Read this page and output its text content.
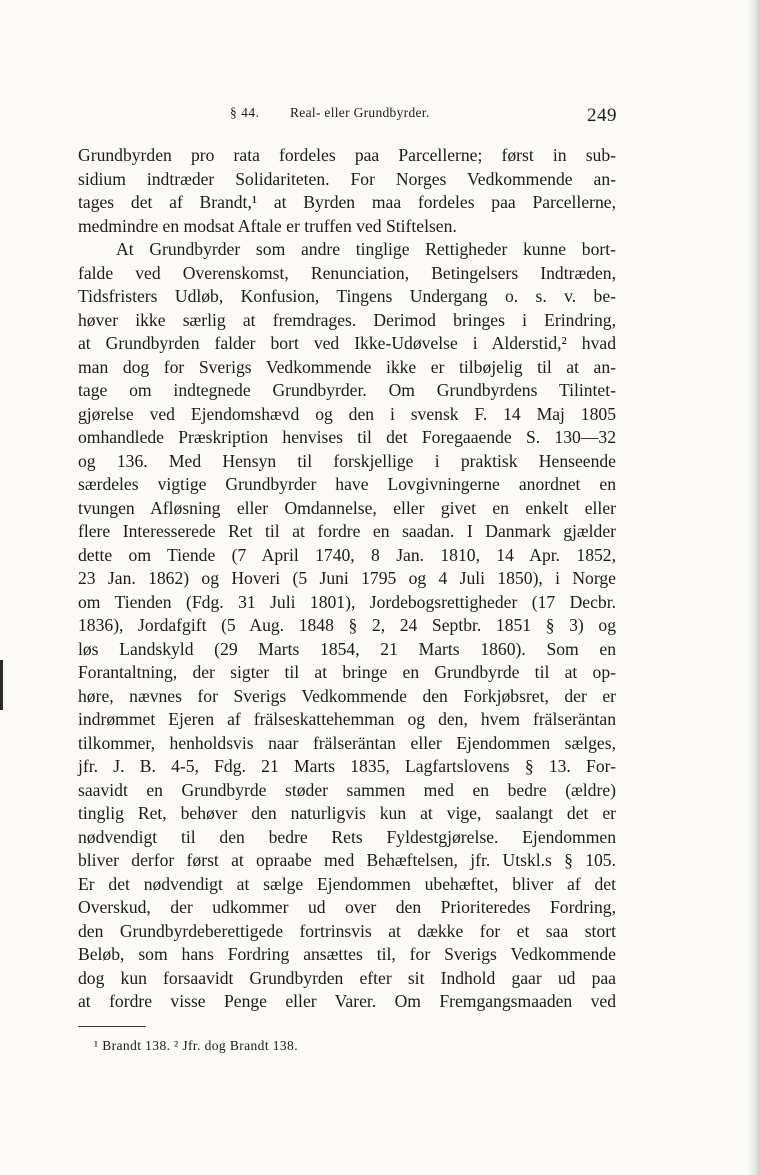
§ 44. Real- eller Grundbyrder.	249
Grundbyrden pro rata fordeles paa Parcellerne; først in sub-
sidium indtræder Solidariteten. For Norges Vedkommende an-
tages det af Brandt,¹ at Byrden maa fordeles paa Parcellerne,
medmindre en modsat Aftale er truffen ved Stiftelsen.
At Grundbyrder som andre tinglige Rettigheder kunne bort-
falde ved Overenskomst, Renunciation, Betingelsers Indtræden,
Tidsfristers Udløb, Konfusion, Tingens Undergang o. s. v. be-
høver ikke særlig at fremdrages. Derimod bringes i Erindring,
at Grundbyrden falder bort ved Ikke-Udøvelse i Alderstid,² hvad
man dog for Sverigs Vedkommende ikke er tilbøjelig til at an-
tage om indtegnede Grundbyrder. Om Grundbyrdens Tilintet-
gjørelse ved Ejendomshævd og den i svensk F. 14 Maj 1805
omhandlede Præskription henvises til det Foregaaende S. 130—32
og 136. Med Hensyn til forskjellige i praktisk Henseende
særdeles vigtige Grundbyrder have Lovgivningerne anordnet en
tvungen Afløsning eller Omdannelse, eller givet en enkelt eller
flere Interesserede Ret til at fordre en saadan. I Danmark gjælder
dette om Tiende (7 April 1740, 8 Jan. 1810, 14 Apr. 1852,
23 Jan. 1862) og Hoveri (5 Juni 1795 og 4 Juli 1850), i Norge
om Tienden (Fdg. 31 Juli 1801), Jordebogsrettigheder (17 Decbr.
1836), Jordafgift (5 Aug. 1848 § 2, 24 Septbr. 1851 § 3) og
løs Landskyld (29 Marts 1854, 21 Marts 1860). Som en
Forantaltning, der sigter til at bringe en Grundbyrde til at op-
høre, nævnes for Sverigs Vedkommende den Forkjøbsret, der er
indrømmet Ejeren af frälseskattehemman og den, hvem frälseräntan
tilkommer, henholdsvis naar frälseräntan eller Ejendommen sælges,
jfr. J. B. 4-5, Fdg. 21 Marts 1835, Lagfartslovens § 13. For-
saavidt en Grundbyrde støder sammen med en bedre (ældre)
tinglig Ret, behøver den naturligvis kun at vige, saalangt det er
nødvendigt til den bedre Rets Fyldestgjørelse. Ejendommen
bliver derfor først at opraabe med Behæftelsen, jfr. Utskl.s § 105.
Er det nødvendigt at sælge Ejendommen ubehæftet, bliver af det
Overskud, der udkommer ud over den Prioriteredes Fordring,
den Grundbyrdeberettigede fortrinsvis at dække for et saa stort
Beløb, som hans Fordring ansættes til, for Sverigs Vedkommende
dog kun forsaavidt Grundbyrden efter sit Indhold gaar ud paa
at fordre visse Penge eller Varer. Om Fremgangsmaaden ved
¹ Brandt 138. ² Jfr. dog Brandt 138.
